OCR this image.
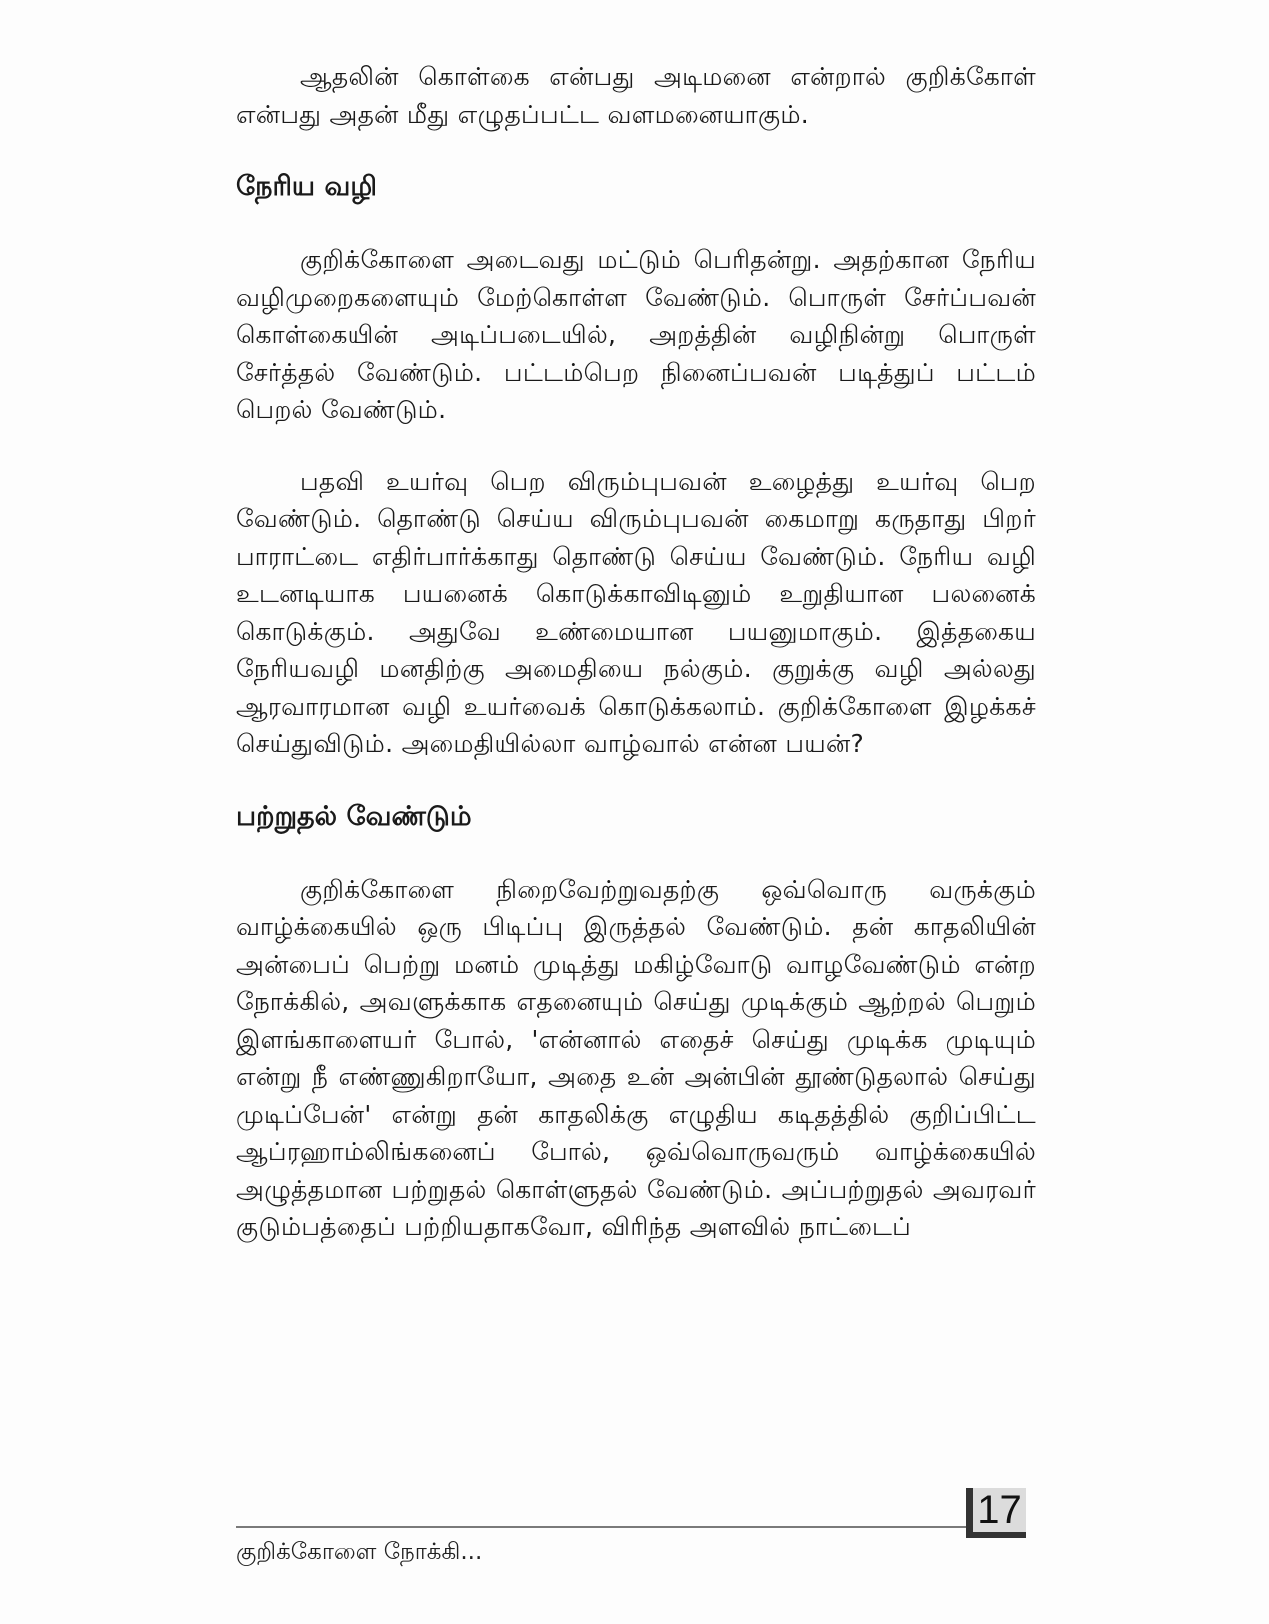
ஆதலின் கொள்கை என்பது அடிமனை என்றால் குறிக்கோள் என்பது அதன் மீது எழுதப்பட்ட வளமனையாகும்.

நேரிய வழி

குறிக்கோளை அடைவது மட்டும் பெரிதன்று. அதற்கான நேரிய வழிமுறைகளையும் மேற்கொள்ள வேண்டும். பொருள் சேர்ப்பவன் கொள்கையின் அடிப்படையில், அறத்தின் வழிநின்று பொருள் சேர்த்தல் வேண்டும். பட்டம்பெற நினைப்பவன் படித்துப் பட்டம் பெறல் வேண்டும்.

பதவி உயர்வு பெற விரும்புபவன் உழைத்து உயர்வு பெற வேண்டும். தொண்டு செய்ய விரும்புபவன் கைமாறு கருதாது பிறர் பாராட்டை எதிர்பார்க்காது தொண்டு செய்ய வேண்டும். நேரிய வழி உடனடியாக பயனைக் கொடுக்காவிடினும் உறுதியான பலனைக் கொடுக்கும். அதுவே உண்மையான பயனுமாகும். இத்தகைய நேரியவழி மனதிற்கு அமைதியை நல்கும். குறுக்கு வழி அல்லது ஆரவாரமான வழி உயர்வைக் கொடுக்கலாம். குறிக்கோளை இழக்கச் செய்துவிடும். அமைதியில்லா வாழ்வால் என்ன பயன்?

பற்றுதல் வேண்டும்

குறிக்கோளை நிறைவேற்றுவதற்கு ஒவ்வொரு வருக்கும் வாழ்க்கையில் ஒரு பிடிப்பு இருத்தல் வேண்டும். தன் காதலியின் அன்பைப் பெற்று மனம் முடித்து மகிழ்வோடு வாழவேண்டும் என்ற நோக்கில், அவளுக்காக எதனையும் செய்து முடிக்கும் ஆற்றல் பெறும் இளங்காளையர் போல், 'என்னால் எதைச் செய்து முடிக்க முடியும் என்று நீ எண்ணுகிறாயோ, அதை உன் அன்பின் தூண்டுதலால் செய்து முடிப்பேன்' என்று தன் காதலிக்கு எழுதிய கடிதத்தில் குறிப்பிட்ட ஆப்ரஹாம்லிங்கனைப் போல், ஒவ்வொருவரும் வாழ்க்கையில் அழுத்தமான பற்றுதல் கொள்ளுதல் வேண்டும். அப்பற்றுதல் அவரவர் குடும்பத்தைப் பற்றியதாகவோ, விரிந்த அளவில் நாட்டைப்

குறிக்கோளை நோக்கி...
17
